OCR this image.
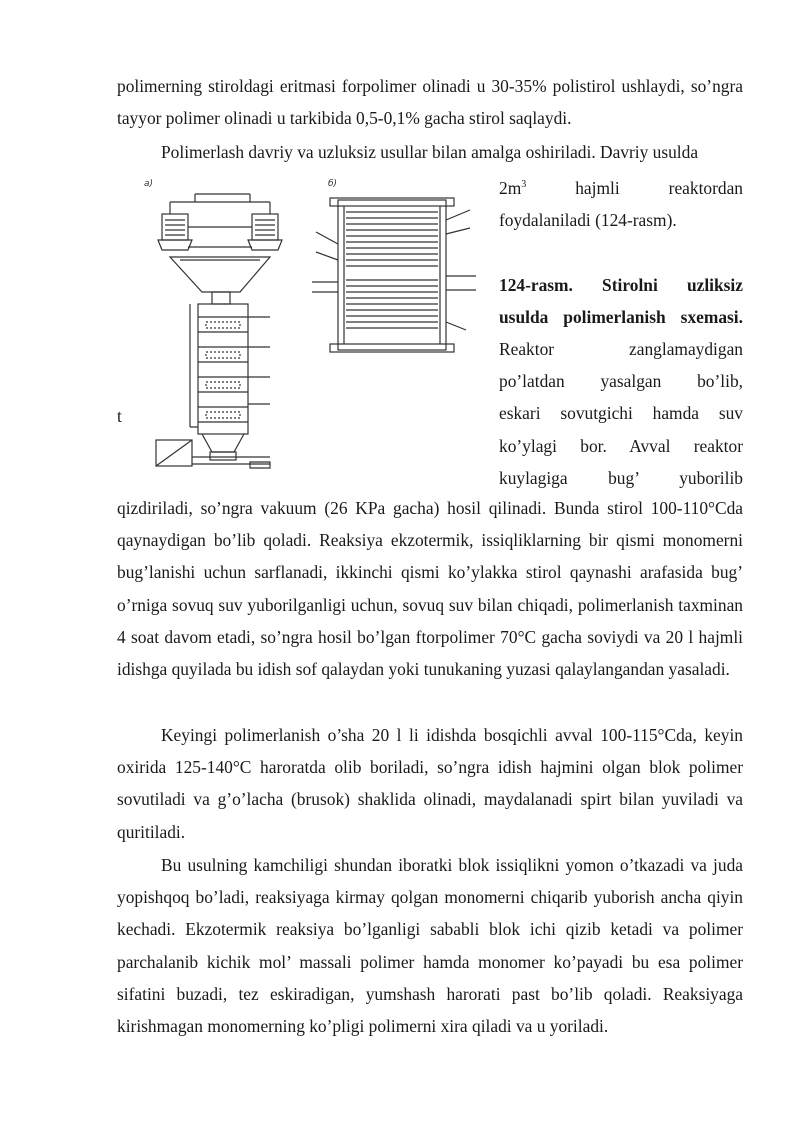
polimerning stiroldagi eritmasi forpolimer olinadi u 30-35% polistirol ushlaydi, so’ngra tayyor polimer olinadi u tarkibida 0,5-0,1% gacha stirol saqlaydi.

Polimerlash davriy va uzluksiz usullar bilan amalga oshiriladi. Davriy usulda
a)	б)
t
$2m^3$ hajmli reaktordan
foydalaniladi (124-rasm).
124-rasm. Stirolni uzliksiz
usulda polimerlanish sxemasi.
Reaktor zanglamaydigan
po’latdan yasalgan bo’lib,
eskari sovutgichi hamda suv
ko’ylagi bor. Avval reaktor
kuylagiga bug’ yuborilib

qizdiriladi, so’ngra vakuum (26 KPa gacha) hosil qilinadi. Bunda stirol 100-110°Cda qaynaydigan bo’lib qoladi. Reaksiya ekzotermik, issiqliklarning bir qismi monomerni bug’lanishi uchun sarflanadi, ikkinchi qismi ko’ylakka stirol qaynashi arafasida bug’ o’rniga sovuq suv yuborilganligi uchun, sovuq suv bilan chiqadi, polimerlanish taxminan 4 soat davom etadi, so’ngra hosil bo’lgan ftorpolimer 70°C gacha soviydi va 20 l hajmli idishga quyilada bu idish sof qalaydan yoki tunukaning yuzasi qalaylangandan yasaladi.

Keyingi polimerlanish o’sha 20 l li idishda bosqichli avval 100-115°Cda, keyin oxirida 125-140°C haroratda olib boriladi, so’ngra idish hajmini olgan blok polimer sovutiladi va g’o’lacha (brusok) shaklida olinadi, maydalanadi spirt bilan yuviladi va quritiladi.

Bu usulning kamchiligi shundan iboratki blok issiqlikni yomon o’tkazadi va juda yopishqoq bo’ladi, reaksiyaga kirmay qolgan monomerni chiqarib yuborish ancha qiyin kechadi. Ekzotermik reaksiya bo’lganligi sababli blok ichi qizib ketadi va polimer parchalanib kichik mol’ massali polimer hamda monomer ko’payadi bu esa polimer sifatini buzadi, tez eskiradigan, yumshash harorati past bo’lib qoladi. Reaksiyaga kirishmagan monomerning ko’pligi polimerni xira qiladi va u yoriladi.
